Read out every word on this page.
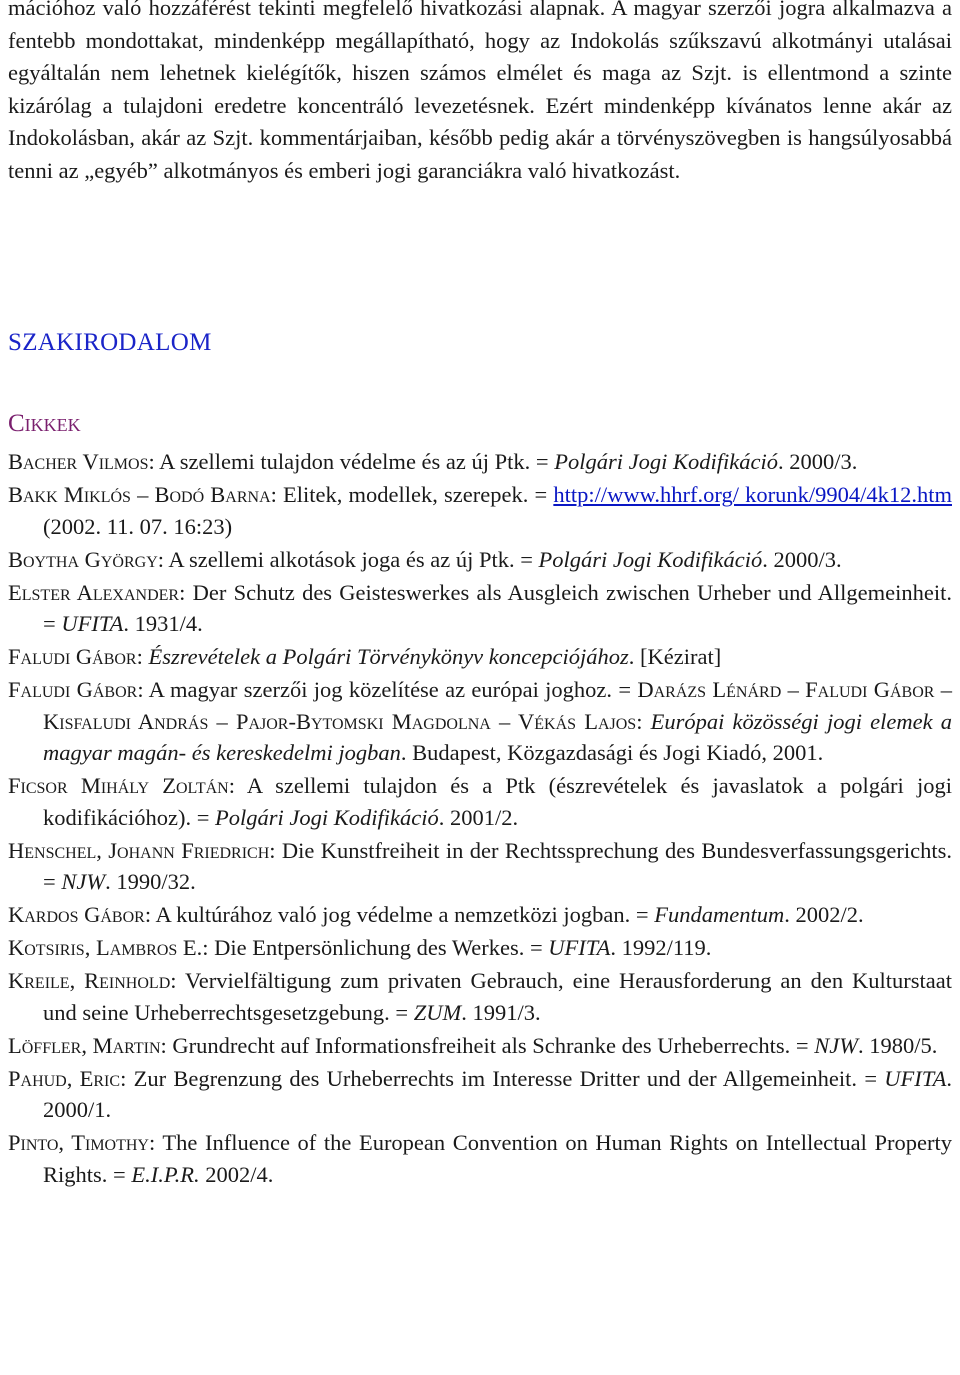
mációhoz való hozzáférést tekinti megfelelő hivatkozási alapnak. A magyar szerzői jogra alkalmazva a fentebb mondottakat, mindenképp megállapítható, hogy az Indokolás szűkszavú alkotmányi utalásai egyáltalán nem lehetnek kielégítők, hiszen számos elmélet és maga az Szjt. is ellentmond a szinte kizárólag a tulajdoni eredetre koncentráló levezetésnek. Ezért mindenképp kívánatos lenne akár az Indokolásban, akár az Szjt. kommentárjaiban, később pedig akár a törvényszövegben is hangsúlyosabbá tenni az „egyéb” alkotmányos és emberi jogi garanciákra való hivatkozást.

SZAKIRODALOM
Cikkek

Bacher Vilmos: A szellemi tulajdon védelme és az új Ptk. = Polgári Jogi Kodifikáció. 2000/3.

Bakk Miklós – Bodó Barna: Elitek, modellek, szerepek. = http://www.hhrf.org/ korunk/9904/4k12.htm (2002. 11. 07. 16:23)

Boytha György: A szellemi alkotások joga és az új Ptk. = Polgári Jogi Kodifikáció. 2000/3.

Elster Alexander: Der Schutz des Geisteswerkes als Ausgleich zwischen Urheber und Allgemeinheit. = UFITA. 1931/4.

Faludi Gábor: Észrevételek a Polgári Törvénykönyv koncepciójához. [Kézirat]

Faludi Gábor: A magyar szerzői jog közelítése az európai joghoz. = Darázs Lénárd – Faludi Gábor – Kisfaludi András – Pajor-Bytomski Magdolna – Vékás Lajos: Európai közösségi jogi elemek a magyar magán- és kereskedelmi jogban. Budapest, Közgazdasági és Jogi Kiadó, 2001.

Ficsor Mihály Zoltán: A szellemi tulajdon és a Ptk (észrevételek és javaslatok a polgári jogi kodifikációhoz). = Polgári Jogi Kodifikáció. 2001/2.

Henschel, Johann Friedrich: Die Kunstfreiheit in der Rechtssprechung des Bundesverfassungsgerichts. = NJW. 1990/32.

Kardos Gábor: A kultúrához való jog védelme a nemzetközi jogban. = Fundamentum. 2002/2.

Kotsiris, Lambros E.: Die Entpersönlichung des Werkes. = UFITA. 1992/119.

Kreile, Reinhold: Vervielfältigung zum privaten Gebrauch, eine Herausforderung an den Kulturstaat und seine Urheberrechtsgesetzgebung. = ZUM. 1991/3.

Löffler, Martin: Grundrecht auf Informationsfreiheit als Schranke des Urheberrechts. = NJW. 1980/5.

Pahud, Eric: Zur Begrenzung des Urheberrechts im Interesse Dritter und der Allgemeinheit. = UFITA. 2000/1.

Pinto, Timothy: The Influence of the European Convention on Human Rights on Intellectual Property Rights. = E.I.P.R. 2002/4.
